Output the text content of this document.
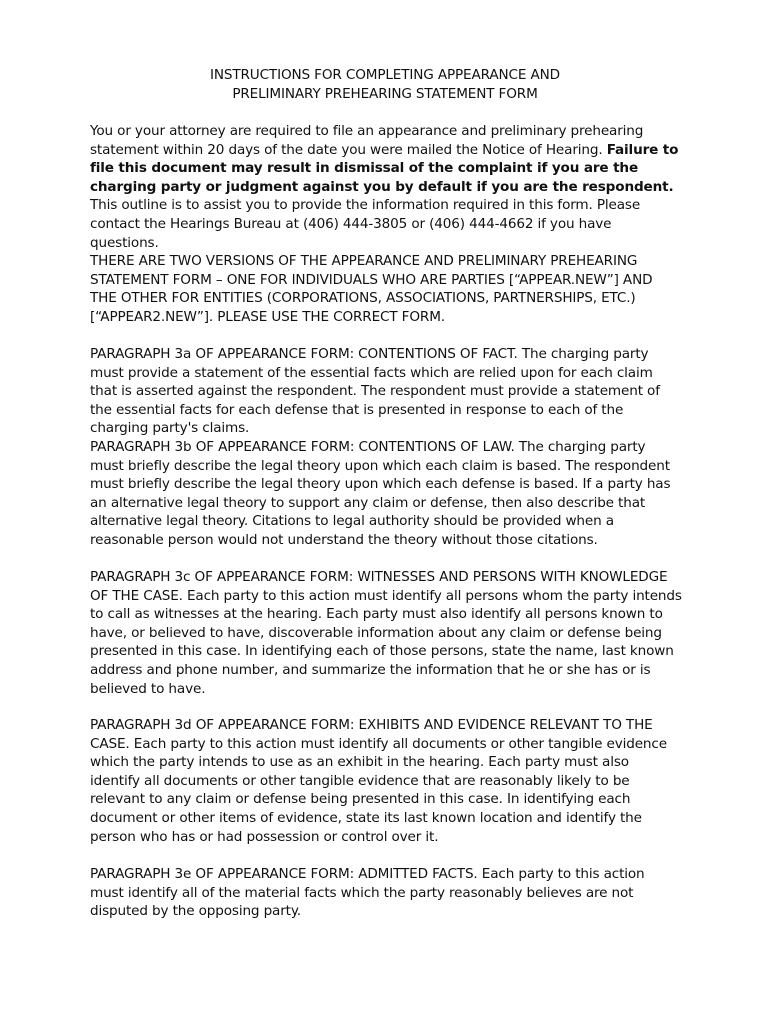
INSTRUCTIONS FOR COMPLETING APPEARANCE AND
PRELIMINARY PREHEARING STATEMENT FORM

You or your attorney are required to file an appearance and preliminary prehearing statement within 20 days of the date you were mailed the Notice of Hearing. Failure to file this document may result in dismissal of the complaint if you are the charging party or judgment against you by default if you are the respondent. This outline is to assist you to provide the information required in this form. Please contact the Hearings Bureau at (406) 444-3805 or (406) 444-4662 if you have questions.

THERE ARE TWO VERSIONS OF THE APPEARANCE AND PRELIMINARY PREHEARING STATEMENT FORM – ONE FOR INDIVIDUALS WHO ARE PARTIES [“APPEAR.NEW”] AND THE OTHER FOR ENTITIES (CORPORATIONS, ASSOCIATIONS, PARTNERSHIPS, ETC.) [“APPEAR2.NEW”]. PLEASE USE THE CORRECT FORM.

PARAGRAPH 3a OF APPEARANCE FORM: CONTENTIONS OF FACT. The charging party must provide a statement of the essential facts which are relied upon for each claim that is asserted against the respondent. The respondent must provide a statement of the essential facts for each defense that is presented in response to each of the charging party's claims.

PARAGRAPH 3b OF APPEARANCE FORM: CONTENTIONS OF LAW. The charging party must briefly describe the legal theory upon which each claim is based. The respondent must briefly describe the legal theory upon which each defense is based. If a party has an alternative legal theory to support any claim or defense, then also describe that alternative legal theory. Citations to legal authority should be provided when a reasonable person would not understand the theory without those citations.

PARAGRAPH 3c OF APPEARANCE FORM: WITNESSES AND PERSONS WITH KNOWLEDGE OF THE CASE. Each party to this action must identify all persons whom the party intends to call as witnesses at the hearing. Each party must also identify all persons known to have, or believed to have, discoverable information about any claim or defense being presented in this case. In identifying each of those persons, state the name, last known address and phone number, and summarize the information that he or she has or is believed to have.

PARAGRAPH 3d OF APPEARANCE FORM: EXHIBITS AND EVIDENCE RELEVANT TO THE CASE. Each party to this action must identify all documents or other tangible evidence which the party intends to use as an exhibit in the hearing. Each party must also identify all documents or other tangible evidence that are reasonably likely to be relevant to any claim or defense being presented in this case. In identifying each document or other items of evidence, state its last known location and identify the person who has or had possession or control over it.

PARAGRAPH 3e OF APPEARANCE FORM: ADMITTED FACTS. Each party to this action must identify all of the material facts which the party reasonably believes are not disputed by the opposing party.
